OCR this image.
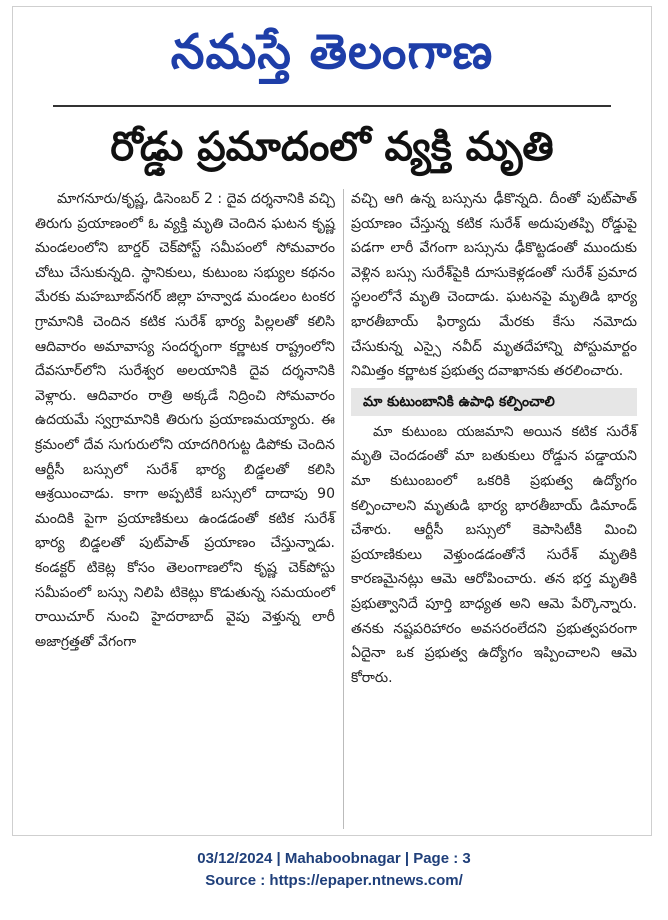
నమస్తే తెలంగాణ
రోడ్డు ప్రమాదంలో వ్యక్తి మృతి

మాగనూరు/కృష్ణ, డిసెంబర్ 2 : దైవ దర్శనానికి వచ్చి తిరుగు ప్రయాణంలో ఓ వ్యక్తి మృతి చెందిన ఘటన కృష్ణ మండలంలోని బార్డర్ చెక్‌పోస్ట్ సమీపంలో సోమవారం చోటు చేసుకున్నది. స్థానికులు, కుటుంబ సభ్యుల కథనం మేరకు మహబూబ్‌నగర్ జిల్లా హన్వాడ మండలం టంకర గ్రామానికి చెందిన కటిక సురేశ్ భార్య పిల్లలతో కలిసి ఆదివారం అమావాస్య సందర్భంగా కర్ణాటక రాష్ట్రంలోని దేవసూర్‌లోని సురేశ్వర అలయానికి దైవ దర్శనానికి వెళ్లారు. ఆదివారం రాత్రి అక్కడే నిద్రించి సోమవారం ఉదయమే స్వగ్రామానికి తిరుగు ప్రయాణమయ్యారు. ఈ క్రమంలో దేవ సుగురులోని యాదగిరిగుట్ట డిపోకు చెందిన ఆర్టీసీ బస్సులో సురేశ్ భార్య బిడ్డలతో కలిసి ఆశ్రయించాడు. కాగా అప్పటికే బస్సులో దాదాపు 90 మందికి పైగా ప్రయాణికులు ఉండడంతో కటిక సురేశ్ భార్య బిడ్డలతో పుట్‌పాత్ ప్రయాణం చేస్తున్నాడు. కండక్టర్ టికెట్ల కోసం తెలంగాణలోని కృష్ణ చెక్‌పోస్టు సమీపంలో బస్సు నిలిపి టికెట్లు కొడుతున్న సమయంలో రాయిచూర్ నుంచి హైదరాబాద్ వైపు వెళ్తున్న లారీ అజాగ్రత్తతో వేగంగా

వచ్చి ఆగి ఉన్న బస్సును ఢీకొన్నది. దీంతో పుట్‌పాత్ ప్రయాణం చేస్తున్న కటిక సురేశ్ అదుపుతప్పి రోడ్డుపై పడగా లారీ వేగంగా బస్సును ఢీకొట్టడంతో ముందుకు వెళ్లిన బస్సు సురేశ్‌పైకి దూసుకెళ్లడంతో సురేశ్ ప్రమాద స్థలంలోనే మృతి చెందాడు. ఘటనపై మృతిడి భార్య భారతీబాయ్ ఫిర్యాదు మేరకు కేసు నమోదు చేసుకున్న ఎస్సై నవీద్ మృతదేహాన్ని పోస్టుమార్టం నిమిత్తం కర్ణాటక ప్రభుత్వ దవాఖానకు తరలించారు.

మా కుటుంబానికి ఉపాధి కల్పించాలి

మా కుటుంబ యజమాని అయిన కటిక సురేశ్ మృతి చెందడంతో మా బతుకులు రోడ్డున పడ్డాయని మా కుటుంబంలో ఒకరికి ప్రభుత్వ ఉద్యోగం కల్పించాలని మృతుడి భార్య భారతీబాయ్ డిమాండ్ చేశారు. ఆర్టీసీ బస్సులో కెపాసిటీకి మించి ప్రయాణికులు వెళ్తుండడంతోనే సురేశ్ మృతికి కారణమైనట్లు ఆమె ఆరోపించారు. తన భర్త మృతికి ప్రభుత్వానిదే పూర్తి బాధ్యత అని ఆమె పేర్కొన్నారు. తనకు నష్టపరిహారం అవసరంలేదని ప్రభుత్వపరంగా ఏదైనా ఒక ప్రభుత్వ ఉద్యోగం ఇప్పించాలని ఆమె కోరారు.

03/12/2024 | Mahaboobnagar | Page : 3
Source : https://epaper.ntnews.com/
